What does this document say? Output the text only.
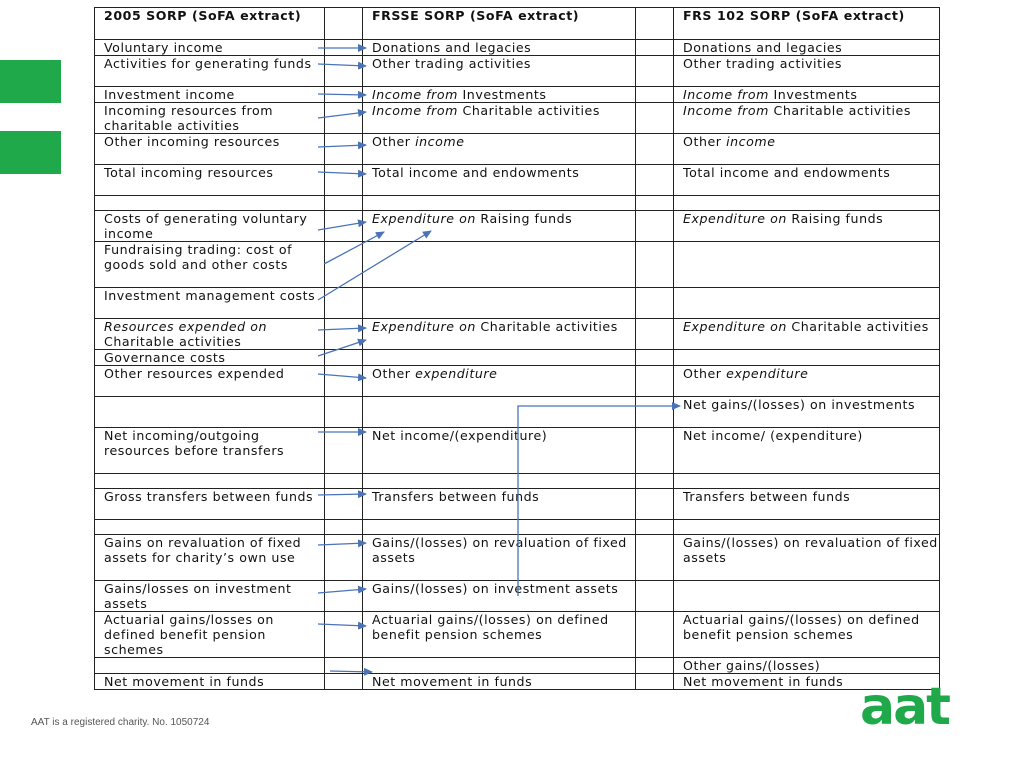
2005 SORP (SoFA extract)		FRSSE SORP (SoFA extract)		FRS 102 SORP (SoFA extract)
Voluntary income		Donations and legacies		Donations and legacies
Activities for generating funds		Other trading activities		Other trading activities
Investment income		Income from Investments		Income from Investments
Incoming resources from charitable activities		Income from Charitable activities		Income from Charitable activities
Other incoming resources		Other income		Other income
Total incoming resources		Total income and endowments		Total income and endowments

Costs of generating voluntary income		Expenditure on Raising funds		Expenditure on Raising funds
Fundraising trading: cost of goods sold and other costs				
Investment management costs				
Resources expended on Charitable activities		Expenditure on Charitable activities		Expenditure on Charitable activities
Governance costs				
Other resources expended		Other expenditure		Other expenditure
				Net gains/(losses) on investments
Net incoming/outgoing resources before transfers		Net income/(expenditure)		Net income/ (expenditure)

Gross transfers between funds		Transfers between funds		Transfers between funds

Gains on revaluation of fixed assets for charity’s own use		Gains/(losses) on revaluation of fixed assets		Gains/(losses) on revaluation of fixed assets
Gains/losses on investment assets		Gains/(losses) on investment assets		
Actuarial gains/losses on defined benefit pension schemes		Actuarial gains/(losses) on defined benefit pension schemes		Actuarial gains/(losses) on defined benefit pension schemes
				Other gains/(losses)
Net movement in funds		Net movement in funds		Net movement in funds
AAT is a registered charity. No. 1050724	aat
